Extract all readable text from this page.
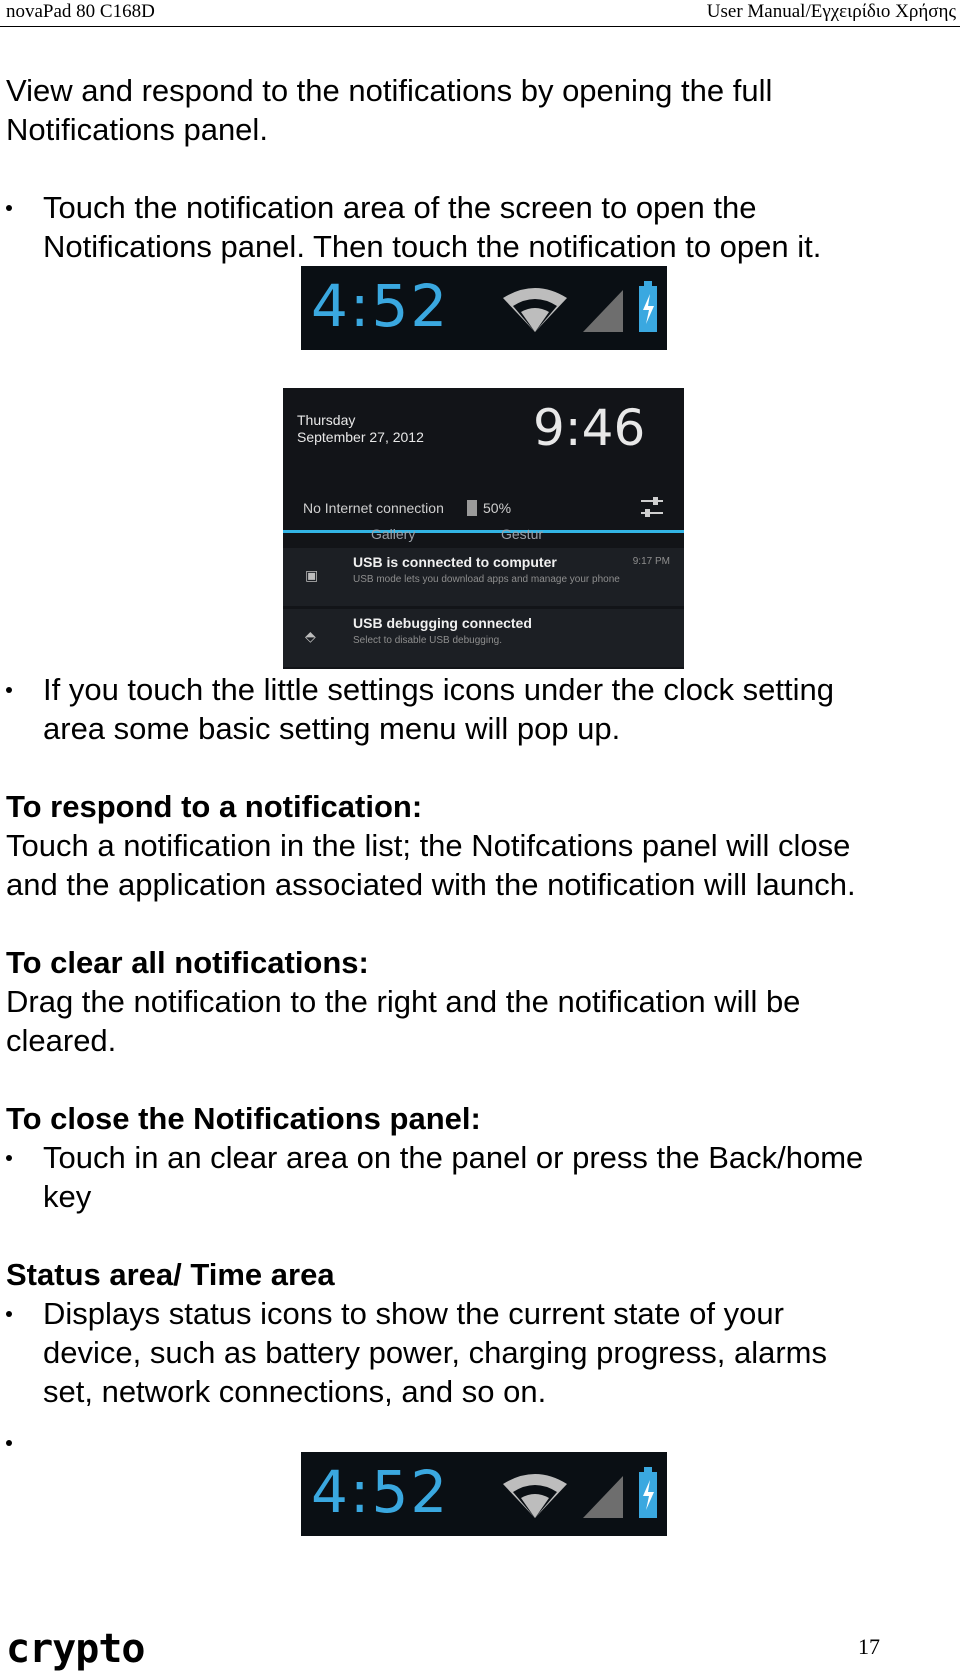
novaPad 80 C168D	User Manual/Εγχειρίδιο Χρήσης
View and respond to the notifications by opening the full
Notifications panel.
Touch the notification area of the screen to open the
Notifications panel. Then touch the notification to open it.
4:52
Thursday
September 27, 2012 9:46
No Internet connection	50%
Gallery	Gestur
▣
USB is connected to computer
USB mode lets you download apps and manage your phone
9:17 PM
⬘
USB debugging connected
Select to disable USB debugging.
If you touch the little settings icons under the clock setting
area some basic setting menu will pop up.
To respond to a notification:
Touch a notification in the list; the Notifcations panel will close
and the application associated with the notification will launch.
To clear all notifications:
Drag the notification to the right and the notification will be
cleared.
To close the Notifications panel:
Touch in an clear area on the panel or press the Back/home
key
Status area/ Time area
Displays status icons to show the current state of your
device, such as battery power, charging progress, alarms
set, network connections, and so on.
4:52
crypto	17
